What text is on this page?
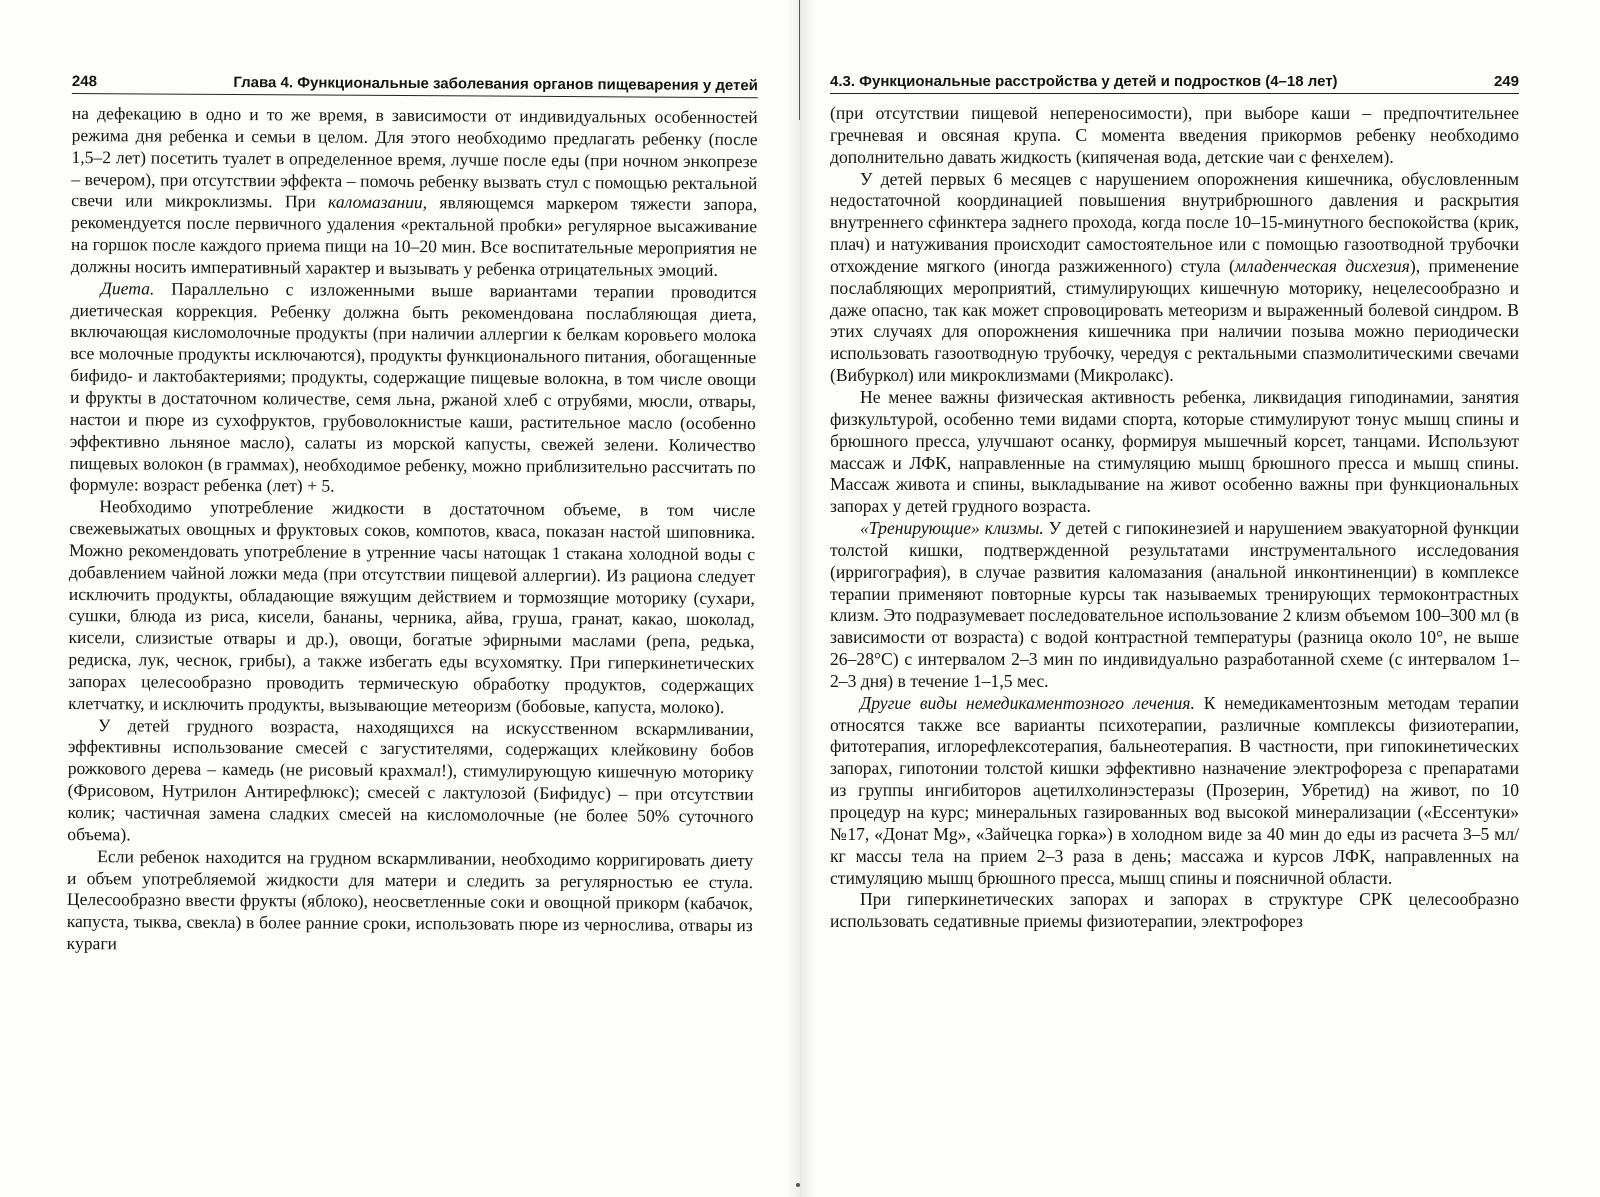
248	Глава 4. Функциональные заболевания органов пищеварения у детей

на дефекацию в одно и то же время, в зависимости от индивидуальных особенностей режима дня ребенка и семьи в целом. Для этого необходимо предлагать ребенку (после 1,5–2 лет) посетить туалет в определенное время, лучше после еды (при ночном энкопрезе – вечером), при отсутствии эффекта – помочь ребенку вызвать стул с помощью ректальной свечи или микроклизмы. При каломазании, являющемся маркером тяжести запора, рекомендуется после первичного удаления «ректальной пробки» регулярное высаживание на горшок после каждого приема пищи на 10–20 мин. Все воспитательные мероприятия не должны носить императивный характер и вызывать у ребенка отрицательных эмоций.

Диета. Параллельно с изложенными выше вариантами терапии проводится диетическая коррекция. Ребенку должна быть рекомендована послабляющая диета, включающая кисломолочные продукты (при наличии аллергии к белкам коровьего молока все молочные продукты исключаются), продукты функционального питания, обогащенные бифидо- и лактобактериями; продукты, содержащие пищевые волокна, в том числе овощи и фрукты в достаточном количестве, семя льна, ржаной хлеб с отрубями, мюсли, отвары, настои и пюре из сухофруктов, грубоволокнистые каши, растительное масло (особенно эффективно льняное масло), салаты из морской капусты, свежей зелени. Количество пищевых волокон (в граммах), необходимое ребенку, можно приблизительно рассчитать по формуле: возраст ребенка (лет) + 5.

Необходимо употребление жидкости в достаточном объеме, в том числе свежевыжатых овощных и фруктовых соков, компотов, кваса, показан настой шиповника. Можно рекомендовать употребление в утренние часы натощак 1 стакана холодной воды с добавлением чайной ложки меда (при отсутствии пищевой аллергии). Из рациона следует исключить продукты, обладающие вяжущим действием и тормозящие моторику (сухари, сушки, блюда из риса, кисели, бананы, черника, айва, груша, гранат, какао, шоколад, кисели, слизистые отвары и др.), овощи, богатые эфирными маслами (репа, редька, редиска, лук, чеснок, грибы), а также избегать еды всухомятку. При гиперкинетических запорах целесообразно проводить термическую обработку продуктов, содержащих клетчатку, и исключить продукты, вызывающие метеоризм (бобовые, капуста, молоко).

У детей грудного возраста, находящихся на искусственном вскармливании, эффективны использование смесей с загустителями, содержащих клейковину бобов рожкового дерева – камедь (не рисовый крахмал!), стимулирующую кишечную моторику (Фрисовом, Нутрилон Антирефлюкс); смесей с лактулозой (Бифидус) – при отсутствии колик; частичная замена сладких смесей на кисломолочные (не более 50% суточного объема).

Если ребенок находится на грудном вскармливании, необходимо корригировать диету и объем употребляемой жидкости для матери и следить за регулярностью ее стула. Целесообразно ввести фрукты (яблоко), неосветленные соки и овощной прикорм (кабачок, капуста, тыква, свекла) в более ранние сроки, использовать пюре из чернослива, отвары из кураги

4.3. Функциональные расстройства у детей и подростков (4–18 лет)	249

(при отсутствии пищевой непереносимости), при выборе каши – предпочтительнее гречневая и овсяная крупа. С момента введения прикормов ребенку необходимо дополнительно давать жидкость (кипяченая вода, детские чаи с фенхелем).

У детей первых 6 месяцев с нарушением опорожнения кишечника, обусловленным недостаточной координацией повышения внутрибрюшного давления и раскрытия внутреннего сфинктера заднего прохода, когда после 10–15-минутного беспокойства (крик, плач) и натуживания происходит самостоятельное или с помощью газоотводной трубочки отхождение мягкого (иногда разжиженного) стула (младенческая дисхезия), применение послабляющих мероприятий, стимулирующих кишечную моторику, нецелесообразно и даже опасно, так как может спровоцировать метеоризм и выраженный болевой синдром. В этих случаях для опорожнения кишечника при наличии позыва можно периодически использовать газоотводную трубочку, чередуя с ректальными спазмолитическими свечами (Вибуркол) или микроклизмами (Микролакс).

Не менее важны физическая активность ребенка, ликвидация гиподинамии, занятия физкультурой, особенно теми видами спорта, которые стимулируют тонус мышц спины и брюшного пресса, улучшают осанку, формируя мышечный корсет, танцами. Используют массаж и ЛФК, направленные на стимуляцию мышц брюшного пресса и мышц спины. Массаж живота и спины, выкладывание на живот особенно важны при функциональных запорах у детей грудного возраста.

«Тренирующие» клизмы. У детей с гипокинезией и нарушением эвакуаторной функции толстой кишки, подтвержденной результатами инструментального исследования (ирригография), в случае развития каломазания (анальной инконтиненции) в комплексе терапии применяют повторные курсы так называемых тренирующих термоконтрастных клизм. Это подразумевает последовательное использование 2 клизм объемом 100–300 мл (в зависимости от возраста) с водой контрастной температуры (разница около 10°, не выше 26–28°C) с интервалом 2–3 мин по индивидуально разработанной схеме (с интервалом 1–2–3 дня) в течение 1–1,5 мес.

Другие виды немедикаментозного лечения. К немедикаментозным методам терапии относятся также все варианты психотерапии, различные комплексы физиотерапии, фитотерапия, иглорефлексотерапия, бальнеотерапия. В частности, при гипокинетических запорах, гипотонии толстой кишки эффективно назначение электрофореза с препаратами из группы ингибиторов ацетилхолинэстеразы (Прозерин, Убретид) на живот, по 10 процедур на курс; минеральных газированных вод высокой минерализации («Ессентуки» №17, «Донат Mg», «Зайчецка горка») в холодном виде за 40 мин до еды из расчета 3–5 мл/кг массы тела на прием 2–3 раза в день; массажа и курсов ЛФК, направленных на стимуляцию мышц брюшного пресса, мышц спины и поясничной области.

При гиперкинетических запорах и запорах в структуре СРК целесообразно использовать седативные приемы физиотерапии, электрофорез
